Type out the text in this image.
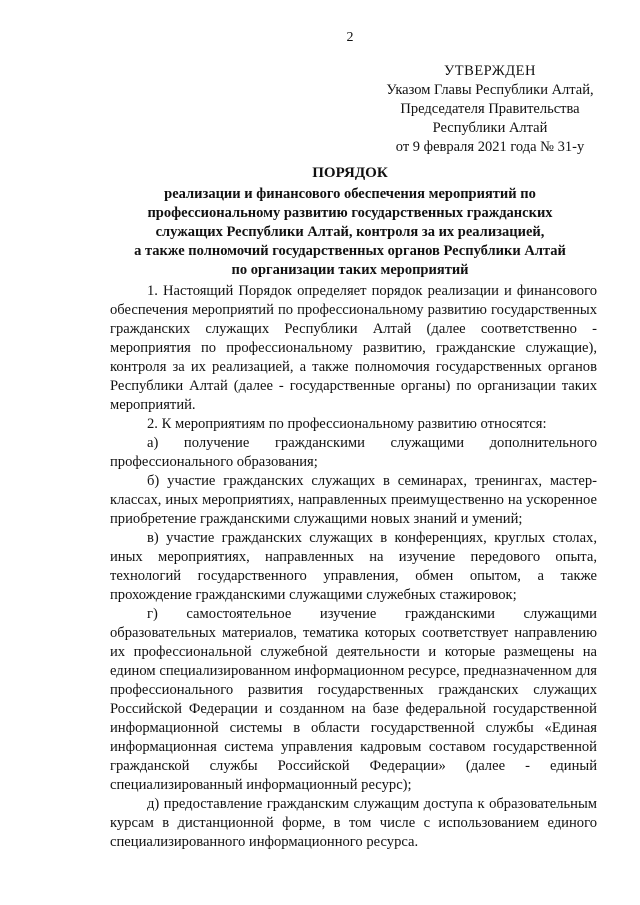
2
УТВЕРЖДЕН
Указом Главы Республики Алтай,
Председателя Правительства
Республики Алтай
от 9 февраля 2021 года № 31-у
ПОРЯДОК
реализации и финансового обеспечения мероприятий по
профессиональному развитию государственных гражданских
служащих Республики Алтай, контроля за их реализацией,
а также полномочий государственных органов Республики Алтай
по организации таких мероприятий

1. Настоящий Порядок определяет порядок реализации и финансового обеспечения мероприятий по профессиональному развитию государственных гражданских служащих Республики Алтай (далее соответственно - мероприятия по профессиональному развитию, гражданские служащие), контроля за их реализацией, а также полномочия государственных органов Республики Алтай (далее - государственные органы) по организации таких мероприятий.

2. К мероприятиям по профессиональному развитию относятся:

а) получение гражданскими служащими дополнительного профессионального образования;

б) участие гражданских служащих в семинарах, тренингах, мастер-классах, иных мероприятиях, направленных преимущественно на ускоренное приобретение гражданскими служащими новых знаний и умений;

в) участие гражданских служащих в конференциях, круглых столах, иных мероприятиях, направленных на изучение передового опыта, технологий государственного управления, обмен опытом, а также прохождение гражданскими служащими служебных стажировок;

г) самостоятельное изучение гражданскими служащими образовательных материалов, тематика которых соответствует направлению их профессиональной служебной деятельности и которые размещены на едином специализированном информационном ресурсе, предназначенном для профессионального развития государственных гражданских служащих Российской Федерации и созданном на базе федеральной государственной информационной системы в области государственной службы «Единая информационная система управления кадровым составом государственной гражданской службы Российской Федерации» (далее - единый специализированный информационный ресурс);

д) предоставление гражданским служащим доступа к образовательным курсам в дистанционной форме, в том числе с использованием единого специализированного информационного ресурса.
